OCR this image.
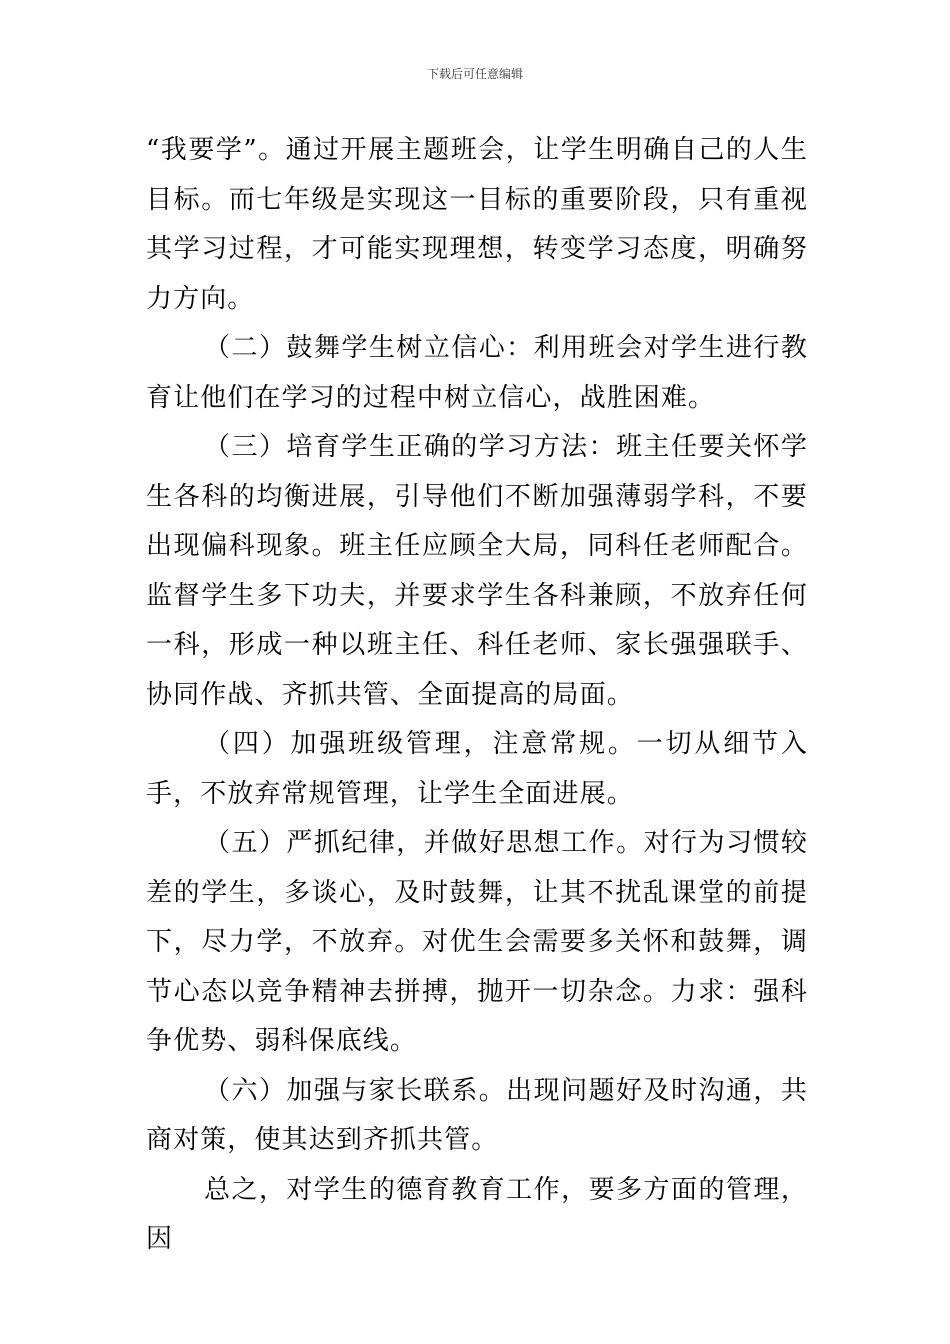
下载后可任意编辑

“我要学”。通过开展主题班会，让学生明确自己的人生目标。而七年级是实现这一目标的重要阶段，只有重视其学习过程，才可能实现理想，转变学习态度，明确努力方向。

（二）鼓舞学生树立信心：利用班会对学生进行教育让他们在学习的过程中树立信心，战胜困难。

（三）培育学生正确的学习方法：班主任要关怀学生各科的均衡进展，引导他们不断加强薄弱学科，不要出现偏科现象。班主任应顾全大局，同科任老师配合。监督学生多下功夫，并要求学生各科兼顾，不放弃任何一科，形成一种以班主任、科任老师、家长强强联手、协同作战、齐抓共管、全面提高的局面。

（四）加强班级管理，注意常规。一切从细节入手，不放弃常规管理，让学生全面进展。

（五）严抓纪律，并做好思想工作。对行为习惯较差的学生，多谈心，及时鼓舞，让其不扰乱课堂的前提下，尽力学，不放弃。对优生会需要多关怀和鼓舞，调节心态以竞争精神去拼搏，抛开一切杂念。力求：强科争优势、弱科保底线。

（六）加强与家长联系。出现问题好及时沟通，共商对策，使其达到齐抓共管。

总之，对学生的德育教育工作，要多方面的管理，因
